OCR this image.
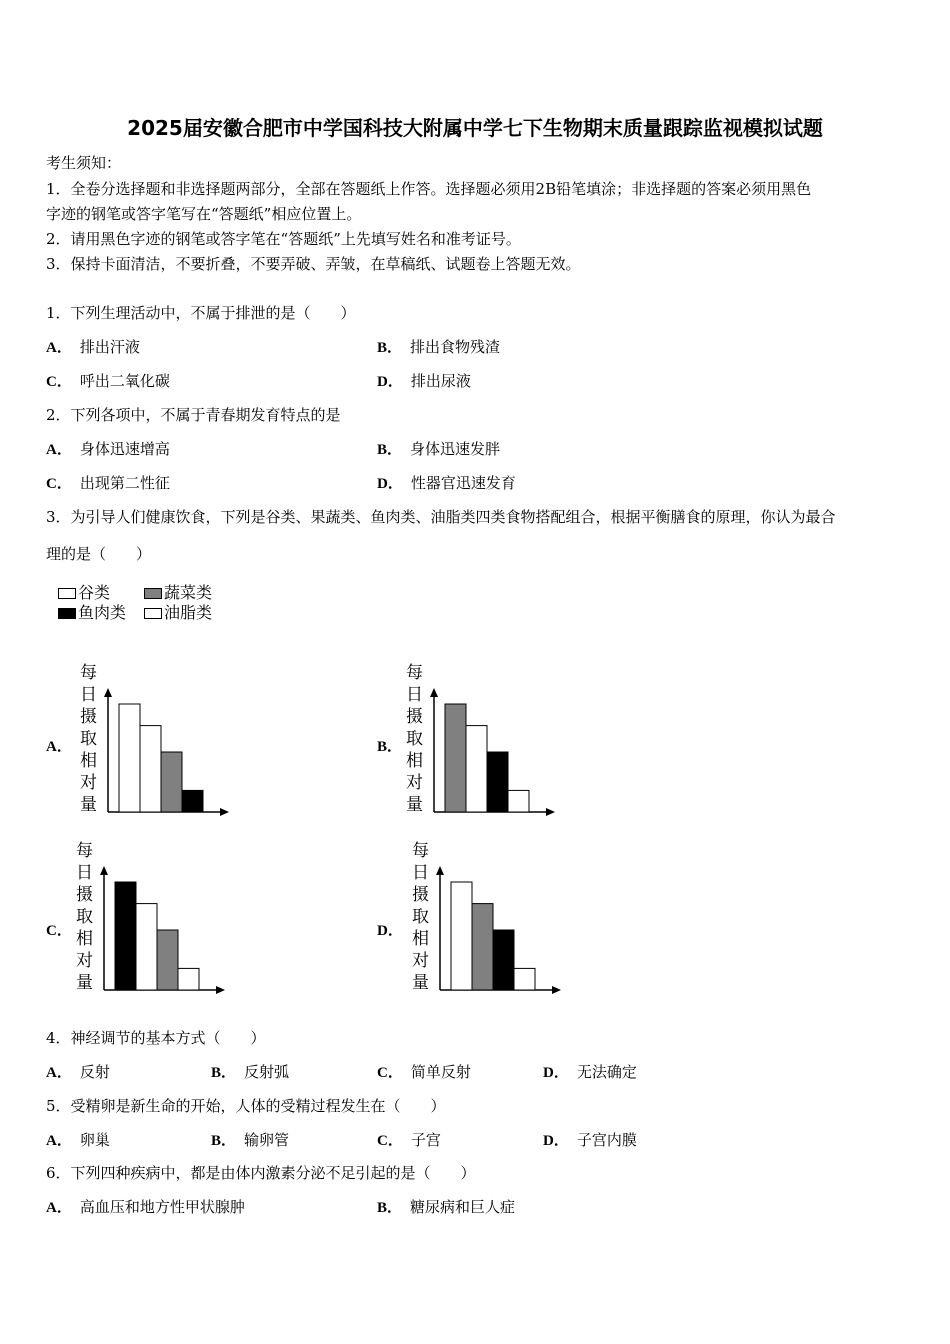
2025届安徽合肥市中学国科技大附属中学七下生物期末质量跟踪监视模拟试题
考生须知：
1．全卷分选择题和非选择题两部分，全部在答题纸上作答。选择题必须用2B铅笔填涂；非选择题的答案必须用黑色
字迹的钢笔或答字笔写在“答题纸”相应位置上。
2．请用黑色字迹的钢笔或答字笔在“答题纸”上先填写姓名和准考证号。
3．保持卡面清洁，不要折叠，不要弄破、弄皱，在草稿纸、试题卷上答题无效。
1．下列生理活动中，不属于排泄的是（　　）
A． 排出汗液	B． 排出食物残渣
C． 呼出二氧化碳	D． 排出尿液
2．下列各项中，不属于青春期发育特点的是
A． 身体迅速增高	B． 身体迅速发胖
C． 出现第二性征	D． 性器官迅速发育
3．为引导人们健康饮食，下列是谷类、果蔬类、鱼肉类、油脂类四类食物搭配组合，根据平衡膳食的原理，你认为最合
理的是（　　）
谷类	蔬菜类
鱼肉类	油脂类
A．	B．
C．	D．
每
日
摄
取
相
对
量
每
日
摄
取
相
对
量
每
日
摄
取
相
对
量
每
日
摄
取
相
对
量
4．神经调节的基本方式（　　）
A． 反射	B． 反射弧	C． 简单反射	D． 无法确定
5．受精卵是新生命的开始，人体的受精过程发生在（　　）
A． 卵巢	B． 输卵管	C． 子宫	D． 子宫内膜
6．下列四种疾病中，都是由体内激素分泌不足引起的是（　　）
A． 高血压和地方性甲状腺肿	B． 糖尿病和巨人症
